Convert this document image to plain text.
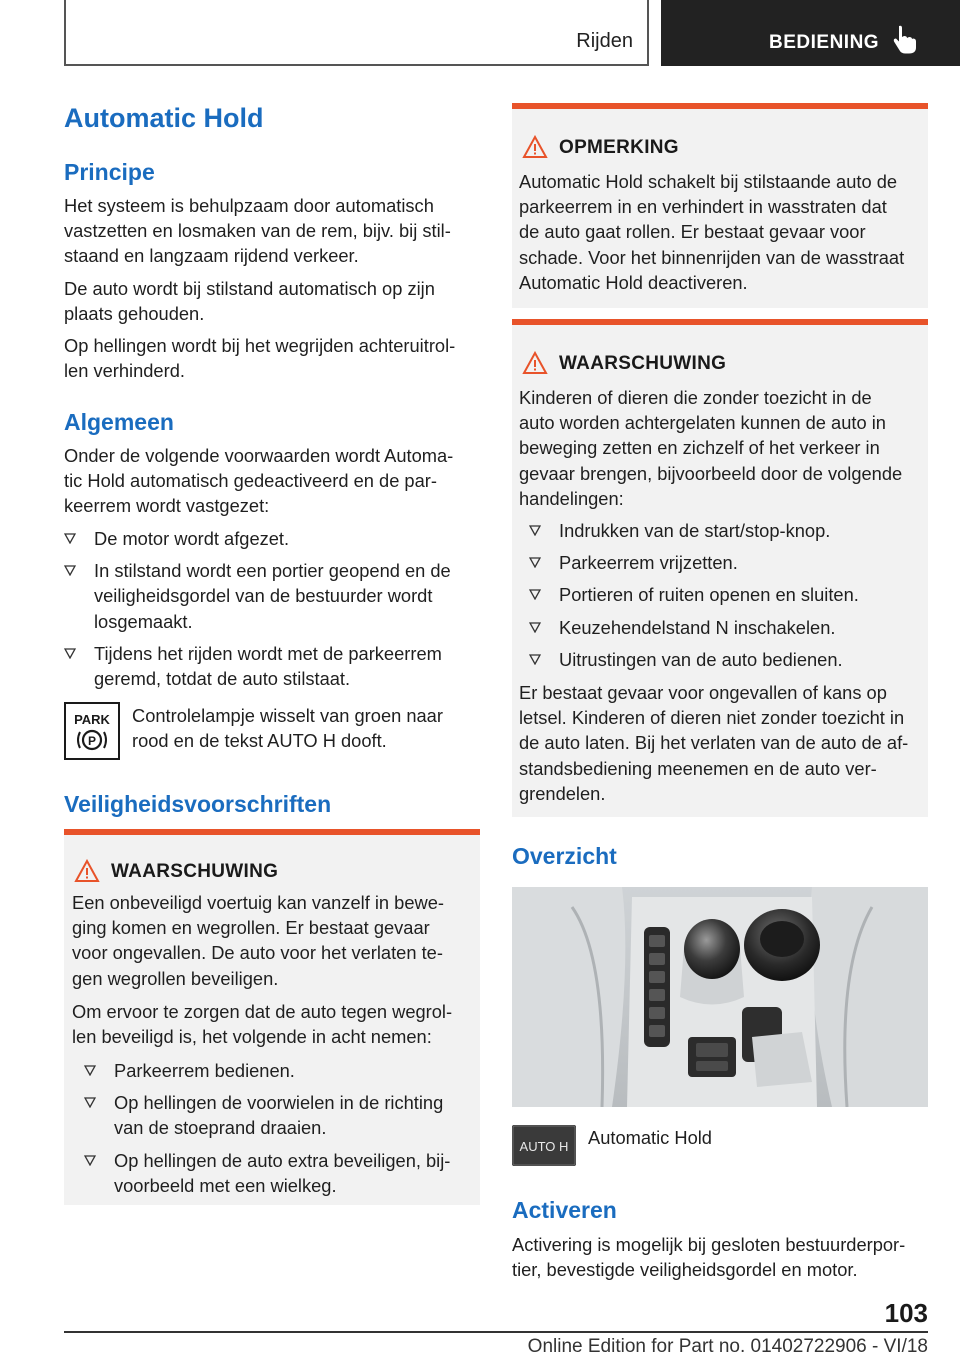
Rijden	BEDIENING
Automatic Hold
Principe
Het systeem is behulpzaam door automatisch
vastzetten en losmaken van de rem, bijv. bij stil-
staand en langzaam rijdend verkeer.
De auto wordt bij stilstand automatisch op zijn
plaats gehouden.
Op hellingen wordt bij het wegrijden achteruitrol-
len verhinderd.
Algemeen
Onder de volgende voorwaarden wordt Automa-
tic Hold automatisch gedeactiveerd en de par-
keerrem wordt vastgezet:
De motor wordt afgezet.
In stilstand wordt een portier geopend en de
veiligheidsgordel van de bestuurder wordt
losgemaakt.
Tijdens het rijden wordt met de parkeerrem
geremd, totdat de auto stilstaat.
PARK
P
Controlelampje wisselt van groen naar
rood en de tekst AUTO H dooft.
Veiligheidsvoorschriften
WAARSCHUWING
Een onbeveiligd voertuig kan vanzelf in bewe-
ging komen en wegrollen. Er bestaat gevaar
voor ongevallen. De auto voor het verlaten te-
gen wegrollen beveiligen.
Om ervoor te zorgen dat de auto tegen wegrol-
len beveiligd is, het volgende in acht nemen:
Parkeerrem bedienen.
Op hellingen de voorwielen in de richting
van de stoeprand draaien.
Op hellingen de auto extra beveiligen, bij-
voorbeeld met een wielkeg.
OPMERKING
Automatic Hold schakelt bij stilstaande auto de
parkeerrem in en verhindert in wasstraten dat
de auto gaat rollen. Er bestaat gevaar voor
schade. Voor het binnenrijden van de wasstraat
Automatic Hold deactiveren.
WAARSCHUWING
Kinderen of dieren die zonder toezicht in de
auto worden achtergelaten kunnen de auto in
beweging zetten en zichzelf of het verkeer in
gevaar brengen, bijvoorbeeld door de volgende
handelingen:
Indrukken van de start/stop-knop.
Parkeerrem vrijzetten.
Portieren of ruiten openen en sluiten.
Keuzehendelstand N inschakelen.
Uitrustingen van de auto bedienen.
Er bestaat gevaar voor ongevallen of kans op
letsel. Kinderen of dieren niet zonder toezicht in
de auto laten. Bij het verlaten van de auto de af-
standsbediening meenemen en de auto ver-
grendelen.
Overzicht
AUTO H Automatic Hold
Activeren
Activering is mogelijk bij gesloten bestuurderpor-
tier, bevestigde veiligheidsgordel en motor.
103
Online Edition for Part no. 01402722906 - VI/18
